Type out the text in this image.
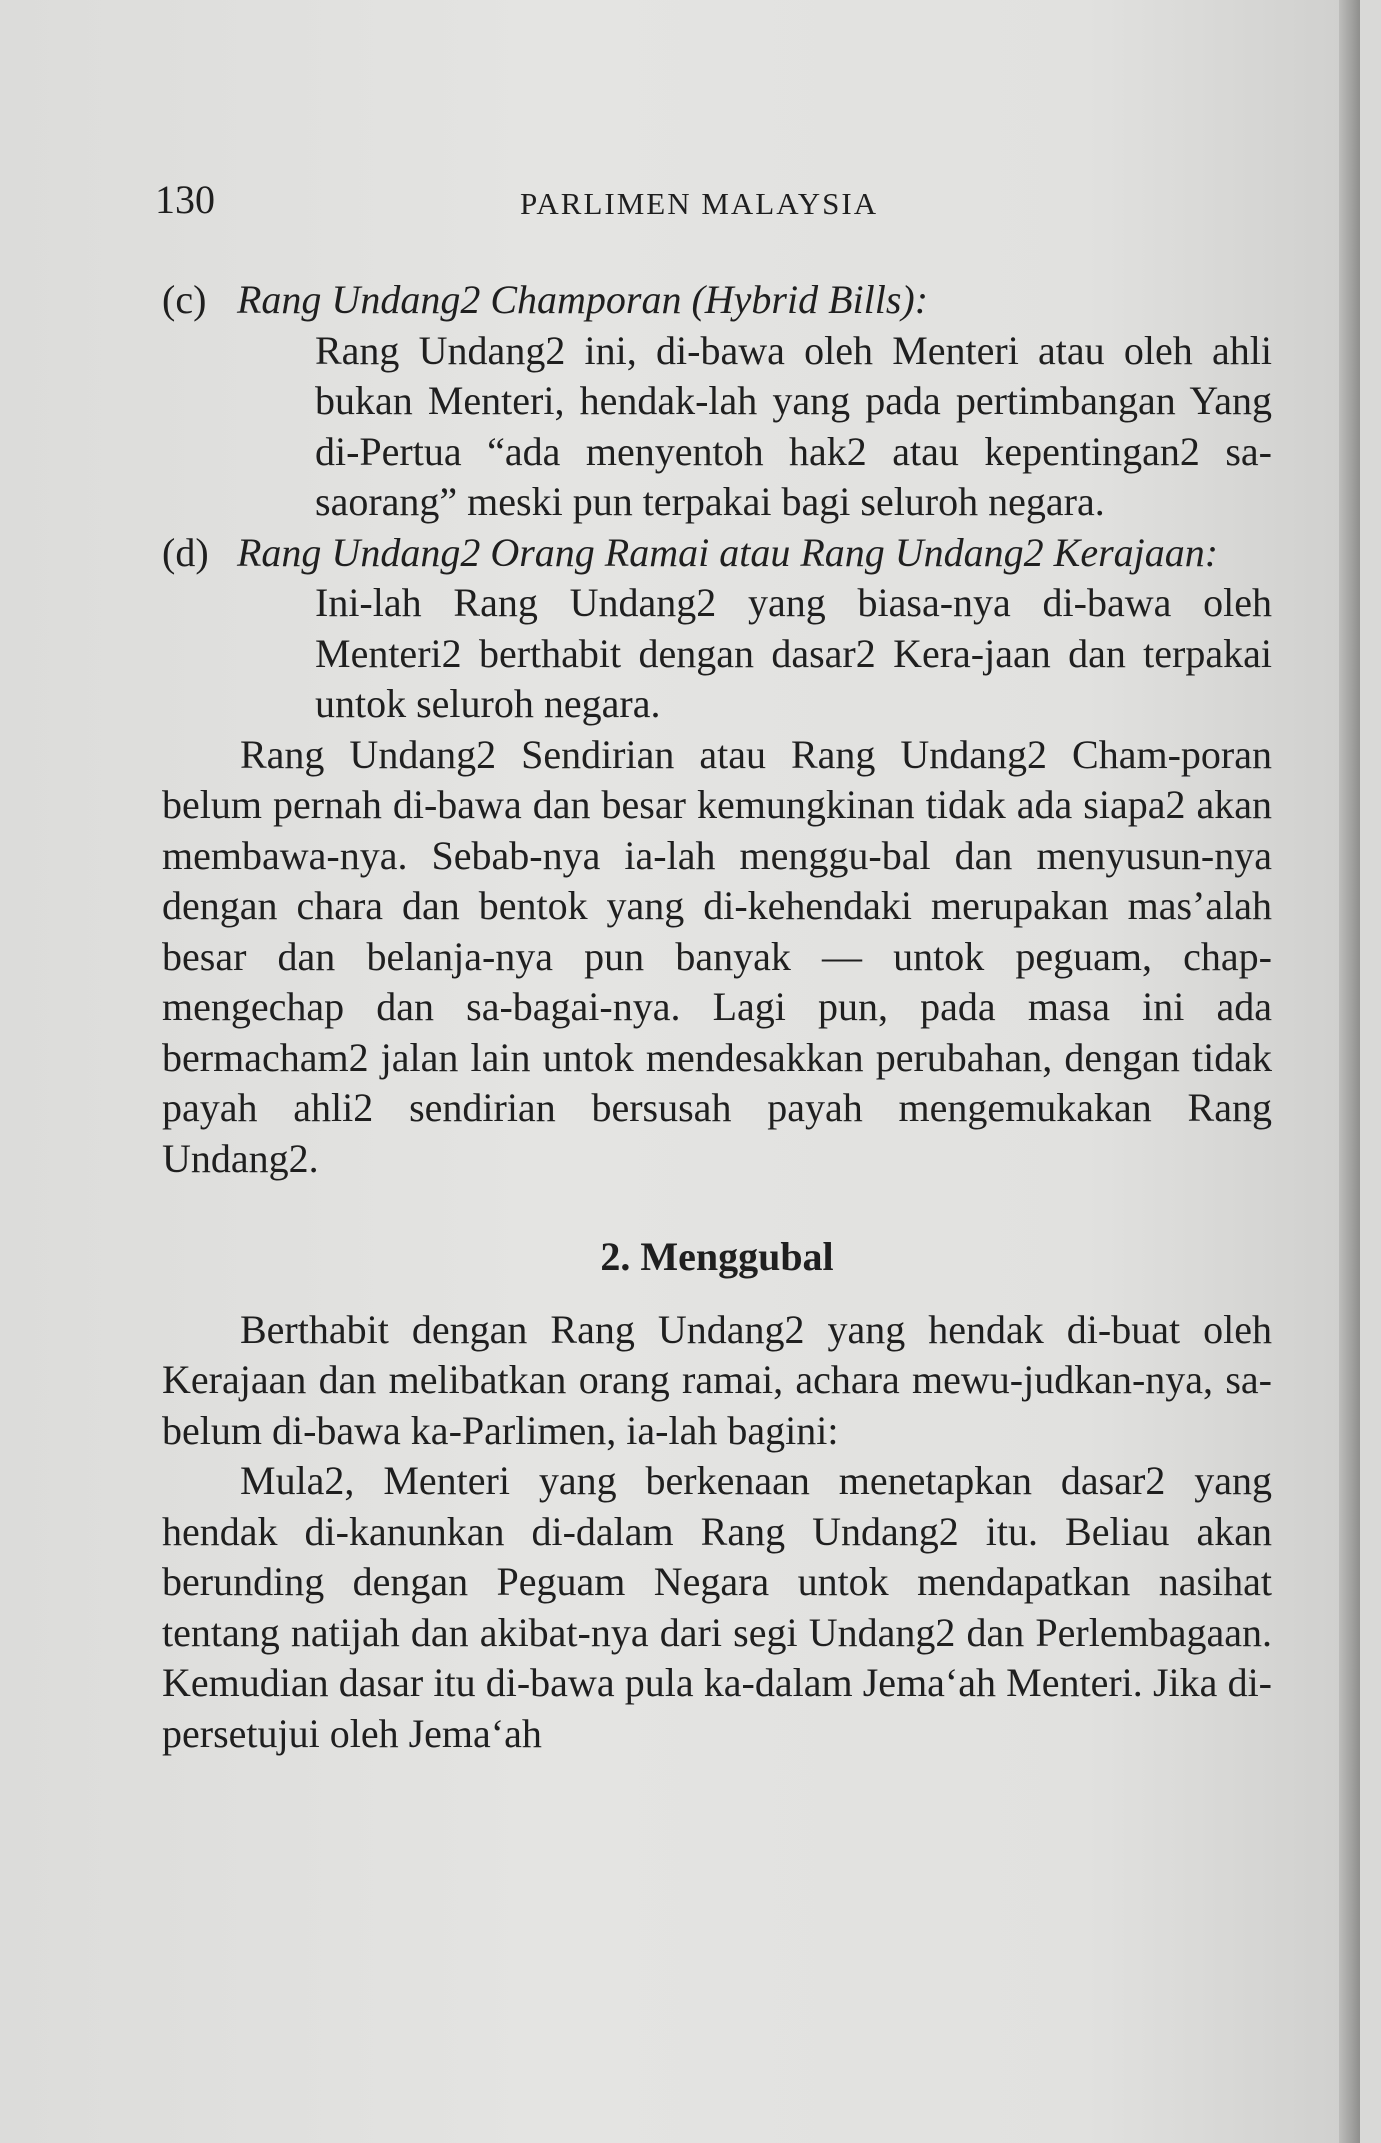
130	PARLIMEN MALAYSIA
(c) Rang Undang2 Champoran (Hybrid Bills):
Rang Undang2 ini, di-bawa oleh Menteri atau oleh ahli bukan Menteri, hendak-lah yang pada pertimbangan Yang di-Pertua “ada menyentoh hak2 atau kepentingan2 sa-saorang” meski pun terpakai bagi seluroh negara.
(d) Rang Undang2 Orang Ramai atau Rang Undang2 Kerajaan:
Ini-lah Rang Undang2 yang biasa-nya di-bawa oleh Menteri2 berthabit dengan dasar2 Kera-jaan dan terpakai untok seluroh negara.

Rang Undang2 Sendirian atau Rang Undang2 Cham-poran belum pernah di-bawa dan besar kemungkinan tidak ada siapa2 akan membawa-nya. Sebab-nya ia-lah menggu-bal dan menyusun-nya dengan chara dan bentok yang di-kehendaki merupakan mas’alah besar dan belanja-nya pun banyak — untok peguam, chap-mengechap dan sa-bagai-nya. Lagi pun, pada masa ini ada bermacham2 jalan lain untok mendesakkan perubahan, dengan tidak payah ahli2 sendirian bersusah payah mengemukakan Rang Undang2.

2. Menggubal

Berthabit dengan Rang Undang2 yang hendak di-buat oleh Kerajaan dan melibatkan orang ramai, achara mewu-judkan-nya, sa-belum di-bawa ka-Parlimen, ia-lah bagini:

Mula2, Menteri yang berkenaan menetapkan dasar2 yang hendak di-kanunkan di-dalam Rang Undang2 itu. Beliau akan berunding dengan Peguam Negara untok mendapatkan nasihat tentang natijah dan akibat-nya dari segi Undang2 dan Perlembagaan. Kemudian dasar itu di-bawa pula ka-dalam Jema‘ah Menteri. Jika di-persetujui oleh Jema‘ah
